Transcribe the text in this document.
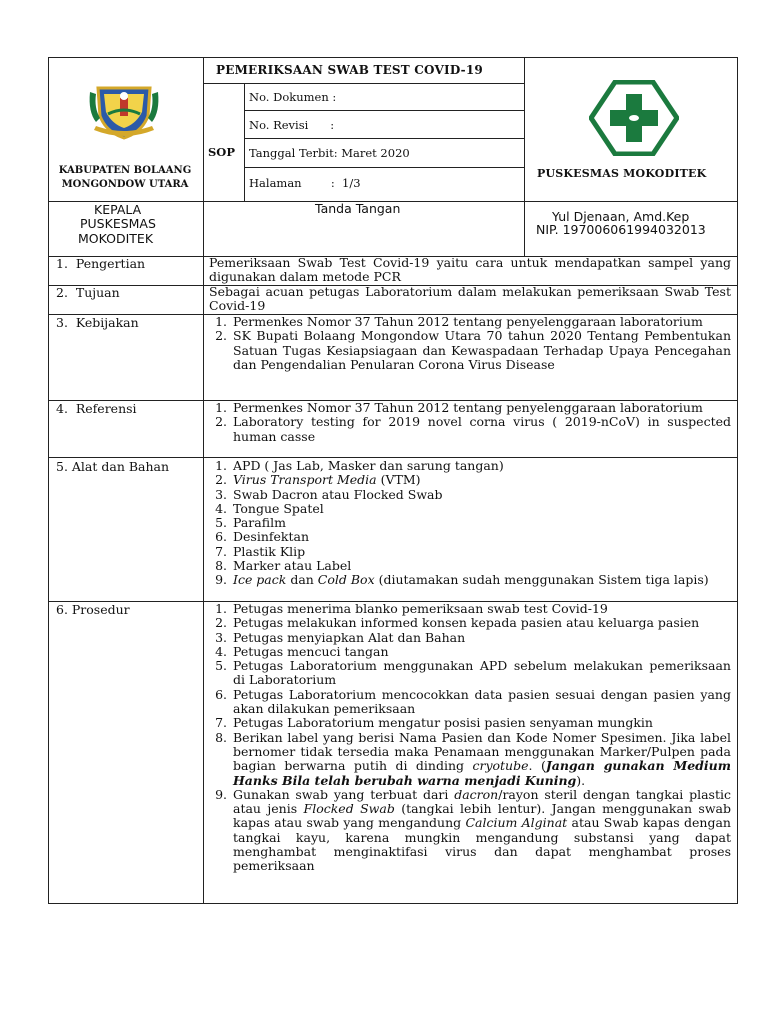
KABUPATEN BOLAANG
MONGONDOW UTARA
PEMERIKSAAN SWAB TEST COVID-19
SOP
No. Dokumen :
No. Revisi      :
Tanggal Terbit: Maret 2020
Halaman        :  1/3
PUSKESMAS MOKODITEK
KEPALA
PUSKESMAS
MOKODITEK
Tanda Tangan
Yul Djenaan, Amd.Kep
NIP. 197006061994032013
1.  Pengertian
2.  Tujuan
3.  Kebijakan
4.  Referensi
5. Alat dan Bahan
6. Prosedur

Pemeriksaan Swab Test Covid-19 yaitu cara untuk mendapatkan sampel yang digunakan dalam metode PCR

Sebagai acuan petugas Laboratorium dalam melakukan pemeriksaan Swab Test Covid-19

1. Permenkes Nomor 37 Tahun 2012 tentang penyelenggaraan laboratorium
2. SK Bupati Bolaang Mongondow Utara 70 tahun 2020 Tentang Pembentukan Satuan Tugas Kesiapsiagaan dan Kewaspadaan Terhadap Upaya Pencegahan dan Pengendalian Penularan Corona Virus Disease
1. Permenkes Nomor 37 Tahun 2012 tentang penyelenggaraan laboratorium
2. Laboratory testing for 2019 novel corna virus ( 2019-nCoV) in suspected human casse
1. APD ( Jas Lab, Masker dan sarung tangan)
2. Virus Transport Media (VTM)
3. Swab Dacron atau Flocked Swab
4. Tongue Spatel
5. Parafilm
6. Desinfektan
7. Plastik Klip
8. Marker atau Label
9. Ice pack dan Cold Box (diutamakan sudah menggunakan Sistem tiga lapis)
1. Petugas menerima blanko pemeriksaan swab test Covid-19
2. Petugas melakukan informed konsen kepada pasien atau keluarga pasien
3. Petugas menyiapkan Alat dan Bahan
4. Petugas mencuci tangan
5. Petugas Laboratorium menggunakan APD sebelum melakukan pemeriksaan di Laboratorium
6. Petugas Laboratorium mencocokkan data pasien sesuai dengan pasien yang akan dilakukan pemeriksaan
7. Petugas Laboratorium mengatur posisi pasien senyaman mungkin
8. Berikan label yang berisi Nama Pasien dan Kode Nomer Spesimen. Jika label bernomer tidak tersedia maka Penamaan menggunakan Marker/Pulpen pada bagian berwarna putih di dinding cryotube. (Jangan gunakan Medium Hanks Bila telah berubah warna menjadi Kuning).
9. Gunakan swab yang terbuat dari dacron/rayon steril dengan tangkai plastic atau jenis Flocked Swab (tangkai lebih lentur). Jangan menggunakan swab kapas atau swab yang mengandung Calcium Alginat atau Swab kapas dengan tangkai kayu, karena mungkin mengandung substansi yang dapat menghambat menginaktifasi virus dan dapat menghambat proses pemeriksaan
